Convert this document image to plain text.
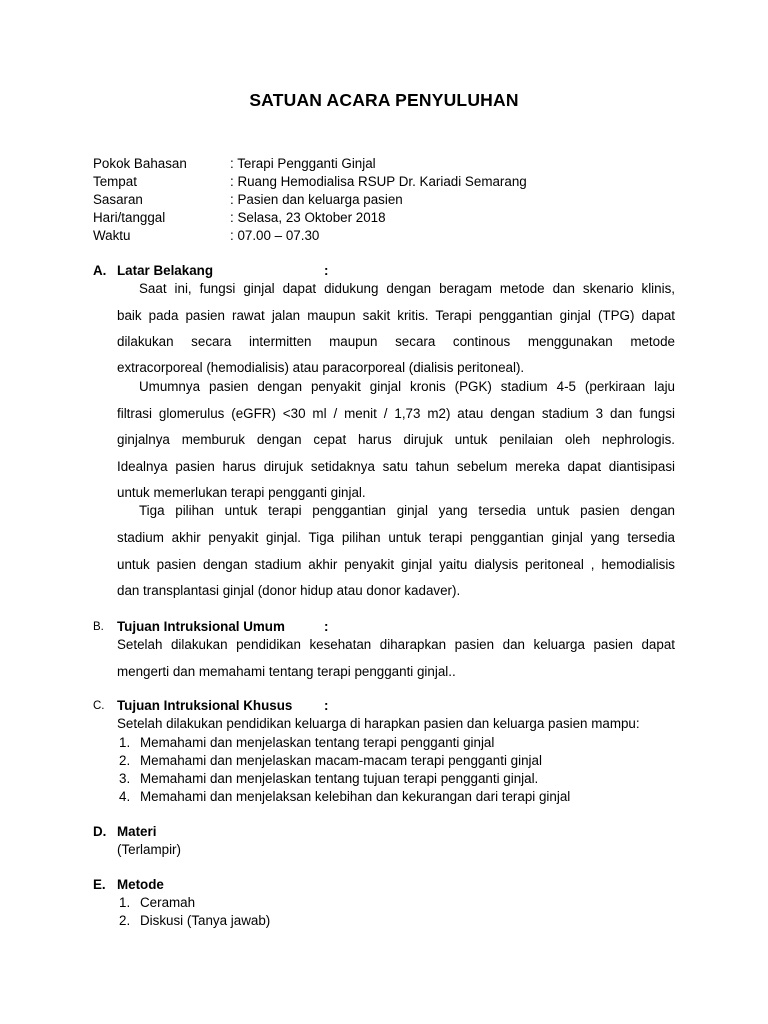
SATUAN ACARA PENYULUHAN
Pokok Bahasan	: Terapi Pengganti Ginjal
Tempat	: Ruang Hemodialisa RSUP Dr. Kariadi Semarang
Sasaran	: Pasien dan keluarga pasien
Hari/tanggal	: Selasa, 23 Oktober 2018
Waktu	: 07.00 – 07.30
A. Latar Belakang	:
Saat ini, fungsi ginjal dapat didukung dengan beragam metode dan skenario klinis,
baik pada pasien rawat jalan maupun sakit kritis. Terapi penggantian ginjal (TPG) dapat
dilakukan secara intermitten maupun secara continous menggunakan metode
extracorporeal (hemodialisis) atau paracorporeal (dialisis peritoneal).
Umumnya pasien dengan penyakit ginjal kronis (PGK) stadium 4-5 (perkiraan laju
filtrasi glomerulus (eGFR) <30 ml / menit / 1,73 m2) atau dengan stadium 3 dan fungsi
ginjalnya memburuk dengan cepat harus dirujuk untuk penilaian oleh nephrologis.
Idealnya pasien harus dirujuk setidaknya satu tahun sebelum mereka dapat diantisipasi
untuk memerlukan terapi pengganti ginjal.
Tiga pilihan untuk terapi penggantian ginjal yang tersedia untuk pasien dengan
stadium akhir penyakit ginjal. Tiga pilihan untuk terapi penggantian ginjal yang tersedia
untuk pasien dengan stadium akhir penyakit ginjal yaitu dialysis peritoneal , hemodialisis
dan transplantasi ginjal (donor hidup atau donor kadaver).
B. Tujuan Intruksional Umum	:
Setelah dilakukan pendidikan kesehatan diharapkan pasien dan keluarga pasien dapat
mengerti dan memahami tentang terapi pengganti ginjal..
C. Tujuan Intruksional Khusus :
Setelah dilakukan pendidikan keluarga di harapkan pasien dan keluarga pasien mampu:
1. Memahami dan menjelaskan tentang terapi pengganti ginjal
2. Memahami dan menjelaskan macam-macam terapi pengganti ginjal
3. Memahami dan menjelaskan tentang tujuan terapi pengganti ginjal.
4. Memahami dan menjelaksan kelebihan dan kekurangan dari terapi ginjal
D. Materi
(Terlampir)
E. Metode
1. Ceramah
2. Diskusi (Tanya jawab)
